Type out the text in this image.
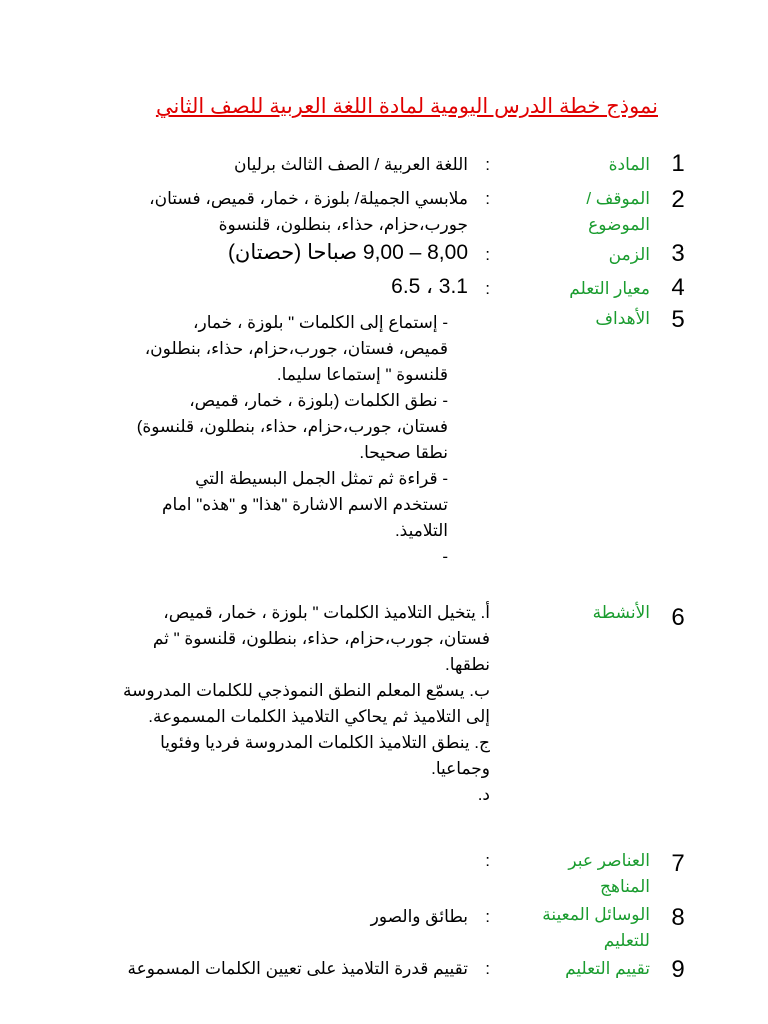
نموذج خطة الدرس اليومية لمادة اللغة العربية للصف الثاني
1
المادة
:
اللغة العربية / الصف الثالث برليان
2
الموقف /
الموضوع
:
ملابسي الجميلة/ بلوزة ، خمار، قميص، فستان،
جورب،حزام، حذاء، بنطلون، قلنسوة
3
الزمن
:
8,00 – 9,00 صباحا (حصتان)
4
معيار التعلم
:
3.1 ، 6.5
5
الأهداف
- إستماع إلى الكلمات " بلوزة ، خمار،
قميص، فستان، جورب،حزام، حذاء، بنطلون،
قلنسوة " إستماعا سليما.
- نطق الكلمات (بلوزة ، خمار، قميص،
فستان، جورب،حزام، حذاء، بنطلون، قلنسوة)
نطقا صحيحا.
- قراءة ثم تمثل الجمل البسيطة التي
تستخدم الاسم الاشارة "هذا" و "هذه" امام
التلاميذ.
-
6
الأنشطة
أ. يتخيل التلاميذ الكلمات " بلوزة ، خمار، قميص،
فستان، جورب،حزام، حذاء، بنطلون، قلنسوة " ثم
نطقها.
ب. يسمّع المعلم النطق النموذجي للكلمات المدروسة
إلى التلاميذ ثم يحاكي التلاميذ الكلمات المسموعة.
ج. ينطق التلاميذ الكلمات المدروسة فرديا وفئويا
وجماعيا.
د.
7
العناصر عبر
المناهج
:
8
الوسائل المعينة
للتعليم
:
بطائق والصور
9
تقييم التعليم
:
تقييم قدرة التلاميذ على تعيين الكلمات المسموعة
